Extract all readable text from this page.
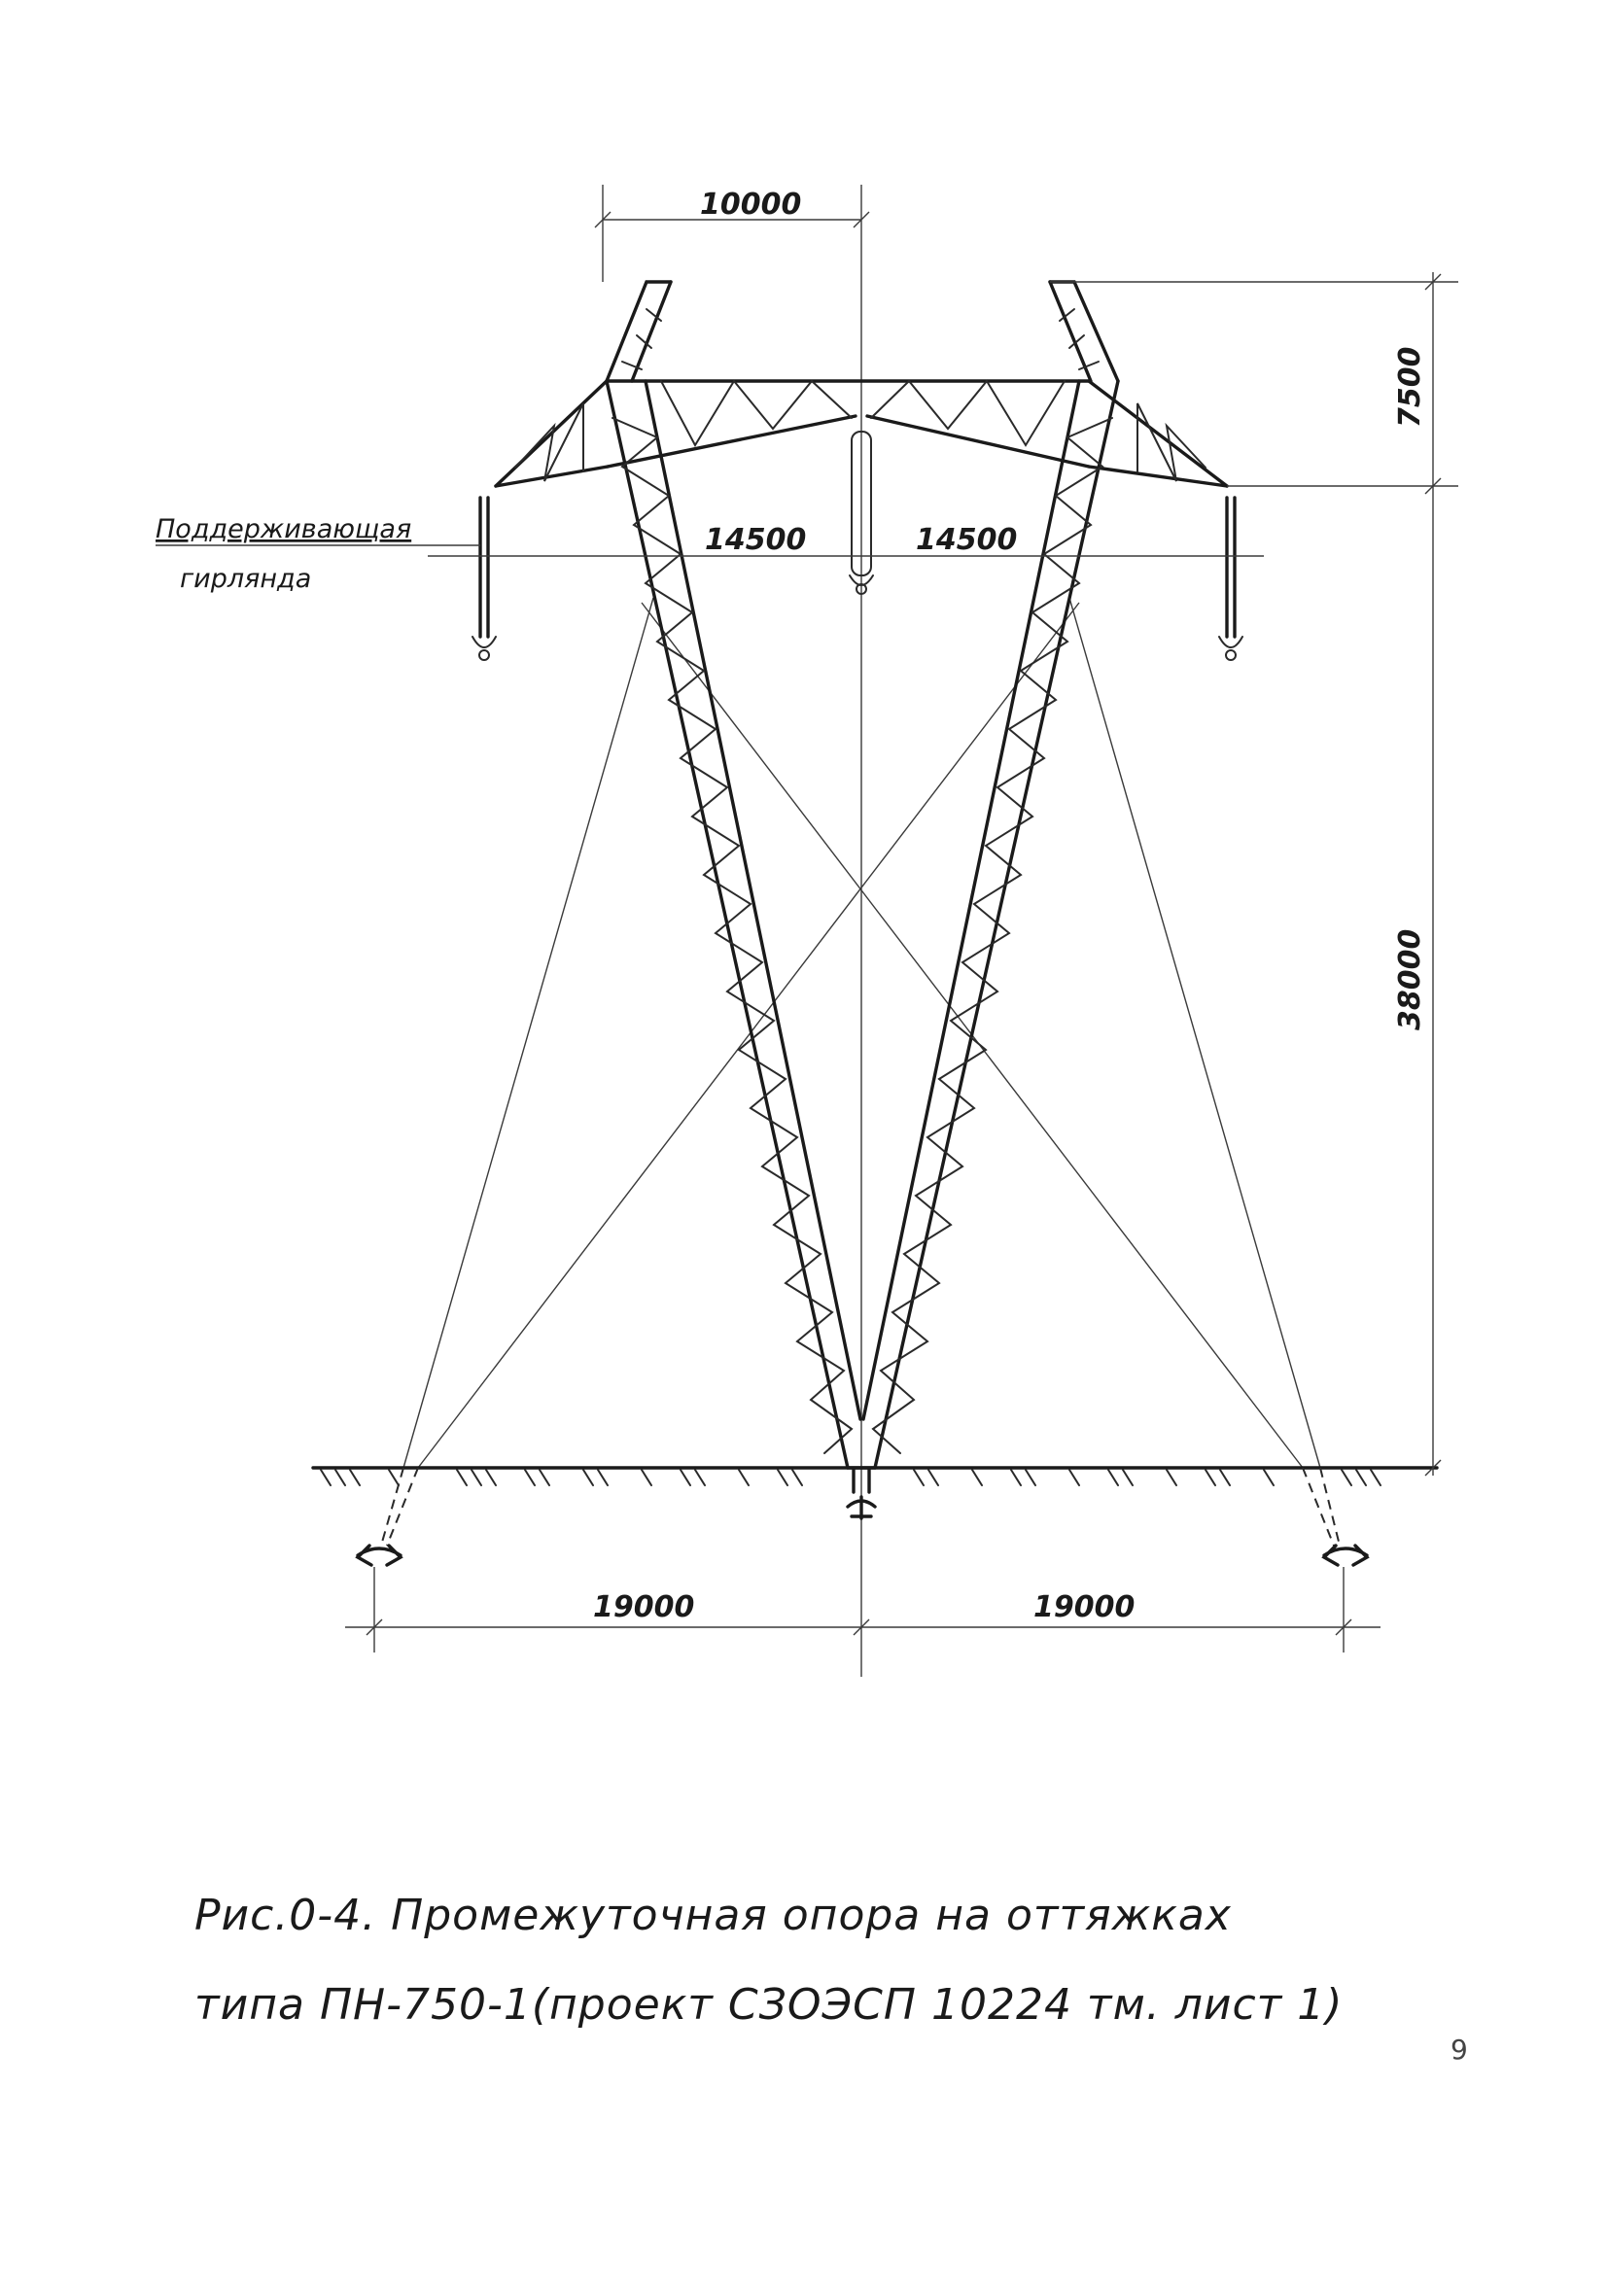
10000
7500
38000
14500	14500
19000	19000
Поддерживающая
гирлянда
Рис.0-4. Промежуточная опора на оттяжках
типа ПН-750-1(проект СЗОЭСП 10224 тм. лист 1)
9
